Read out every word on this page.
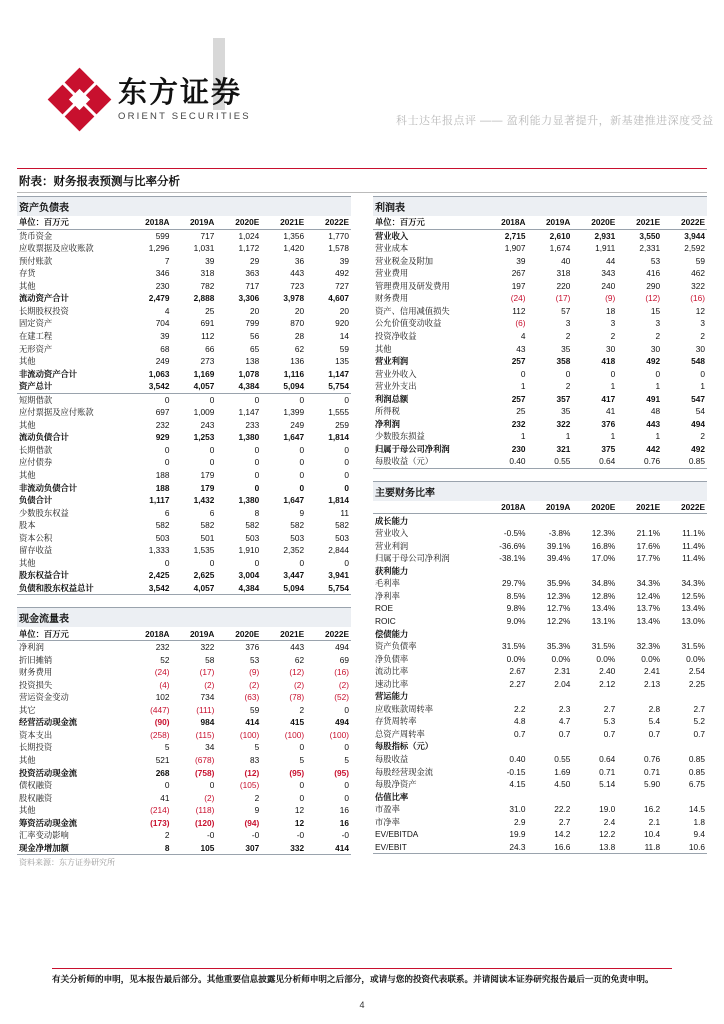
东方证券
ORIENT SECURITIES	科士达年报点评 —— 盈利能力显著提升，新基建推进深度受益
附表：财务报表预测与比率分析
资产负债表
单位：百万元	2018A	2019A	2020E	2021E	2022E
货币资金	599	717	1,024	1,356	1,770
应收票据及应收账款	1,296	1,031	1,172	1,420	1,578
预付账款	7	39	29	36	39
存货	346	318	363	443	492
其他	230	782	717	723	727
流动资产合计	2,479	2,888	3,306	3,978	4,607
长期股权投资	4	25	20	20	20
固定资产	704	691	799	870	920
在建工程	39	112	56	28	14
无形资产	68	66	65	62	59
其他	249	273	138	136	135
非流动资产合计	1,063	1,169	1,078	1,116	1,147
资产总计	3,542	4,057	4,384	5,094	5,754
短期借款	0	0	0	0	0
应付票据及应付账款	697	1,009	1,147	1,399	1,555
其他	232	243	233	249	259
流动负债合计	929	1,253	1,380	1,647	1,814
长期借款	0	0	0	0	0
应付债券	0	0	0	0	0
其他	188	179	0	0	0
非流动负债合计	188	179	0	0	0
负债合计	1,117	1,432	1,380	1,647	1,814
少数股东权益	6	6	8	9	11
股本	582	582	582	582	582
资本公积	503	501	503	503	503
留存收益	1,333	1,535	1,910	2,352	2,844
其他	0	0	0	0	0
股东权益合计	2,425	2,625	3,004	3,447	3,941
负债和股东权益总计	3,542	4,057	4,384	5,094	5,754
现金流量表
单位：百万元	2018A	2019A	2020E	2021E	2022E
净利润	232	322	376	443	494
折旧摊销	52	58	53	62	69
财务费用	(24)	(17)	(9)	(12)	(16)
投资损失	(4)	(2)	(2)	(2)	(2)
营运资金变动	102	734	(63)	(78)	(52)
其它	(447)	(111)	59	2	0
经营活动现金流	(90)	984	414	415	494
资本支出	(258)	(115)	(100)	(100)	(100)
长期投资	5	34	5	0	0
其他	521	(678)	83	5	5
投资活动现金流	268	(758)	(12)	(95)	(95)
债权融资	0	0	(105)	0	0
股权融资	41	(2)	2	0	0
其他	(214)	(118)	9	12	16
筹资活动现金流	(173)	(120)	(94)	12	16
汇率变动影响	2	-0	-0	-0	-0
现金净增加额	8	105	307	332	414
资料来源：东方证券研究所
利润表
单位：百万元	2018A	2019A	2020E	2021E	2022E
营业收入	2,715	2,610	2,931	3,550	3,944
营业成本	1,907	1,674	1,911	2,331	2,592
营业税金及附加	39	40	44	53	59
营业费用	267	318	343	416	462
管理费用及研发费用	197	220	240	290	322
财务费用	(24)	(17)	(9)	(12)	(16)
资产、信用减值损失	112	57	18	15	12
公允价值变动收益	(6)	3	3	3	3
投资净收益	4	2	2	2	2
其他	43	35	30	30	30
营业利润	257	358	418	492	548
营业外收入	0	0	0	0	0
营业外支出	1	2	1	1	1
利润总额	257	357	417	491	547
所得税	25	35	41	48	54
净利润	232	322	376	443	494
少数股东损益	1	1	1	1	2
归属于母公司净利润	230	321	375	442	492
每股收益（元）	0.40	0.55	0.64	0.76	0.85
主要财务比率
	2018A	2019A	2020E	2021E	2022E
成长能力					
营业收入	-0.5%	-3.8%	12.3%	21.1%	11.1%
营业利润	-36.6%	39.1%	16.8%	17.6%	11.4%
归属于母公司净利润	-38.1%	39.4%	17.0%	17.7%	11.4%
获利能力					
毛利率	29.7%	35.9%	34.8%	34.3%	34.3%
净利率	8.5%	12.3%	12.8%	12.4%	12.5%
ROE	9.8%	12.7%	13.4%	13.7%	13.4%
ROIC	9.0%	12.2%	13.1%	13.4%	13.0%
偿债能力					
资产负债率	31.5%	35.3%	31.5%	32.3%	31.5%
净负债率	0.0%	0.0%	0.0%	0.0%	0.0%
流动比率	2.67	2.31	2.40	2.41	2.54
速动比率	2.27	2.04	2.12	2.13	2.25
营运能力					
应收账款周转率	2.2	2.3	2.7	2.8	2.7
存货周转率	4.8	4.7	5.3	5.4	5.2
总资产周转率	0.7	0.7	0.7	0.7	0.7
每股指标（元）					
每股收益	0.40	0.55	0.64	0.76	0.85
每股经营现金流	-0.15	1.69	0.71	0.71	0.85
每股净资产	4.15	4.50	5.14	5.90	6.75
估值比率					
市盈率	31.0	22.2	19.0	16.2	14.5
市净率	2.9	2.7	2.4	2.1	1.8
EV/EBITDA	19.9	14.2	12.2	10.4	9.4
EV/EBIT	24.3	16.6	13.8	11.8	10.6
有关分析师的申明，见本报告最后部分。其他重要信息披露见分析师申明之后部分，或请与您的投资代表联系。并请阅读本证券研究报告最后一页的免责申明。
4
